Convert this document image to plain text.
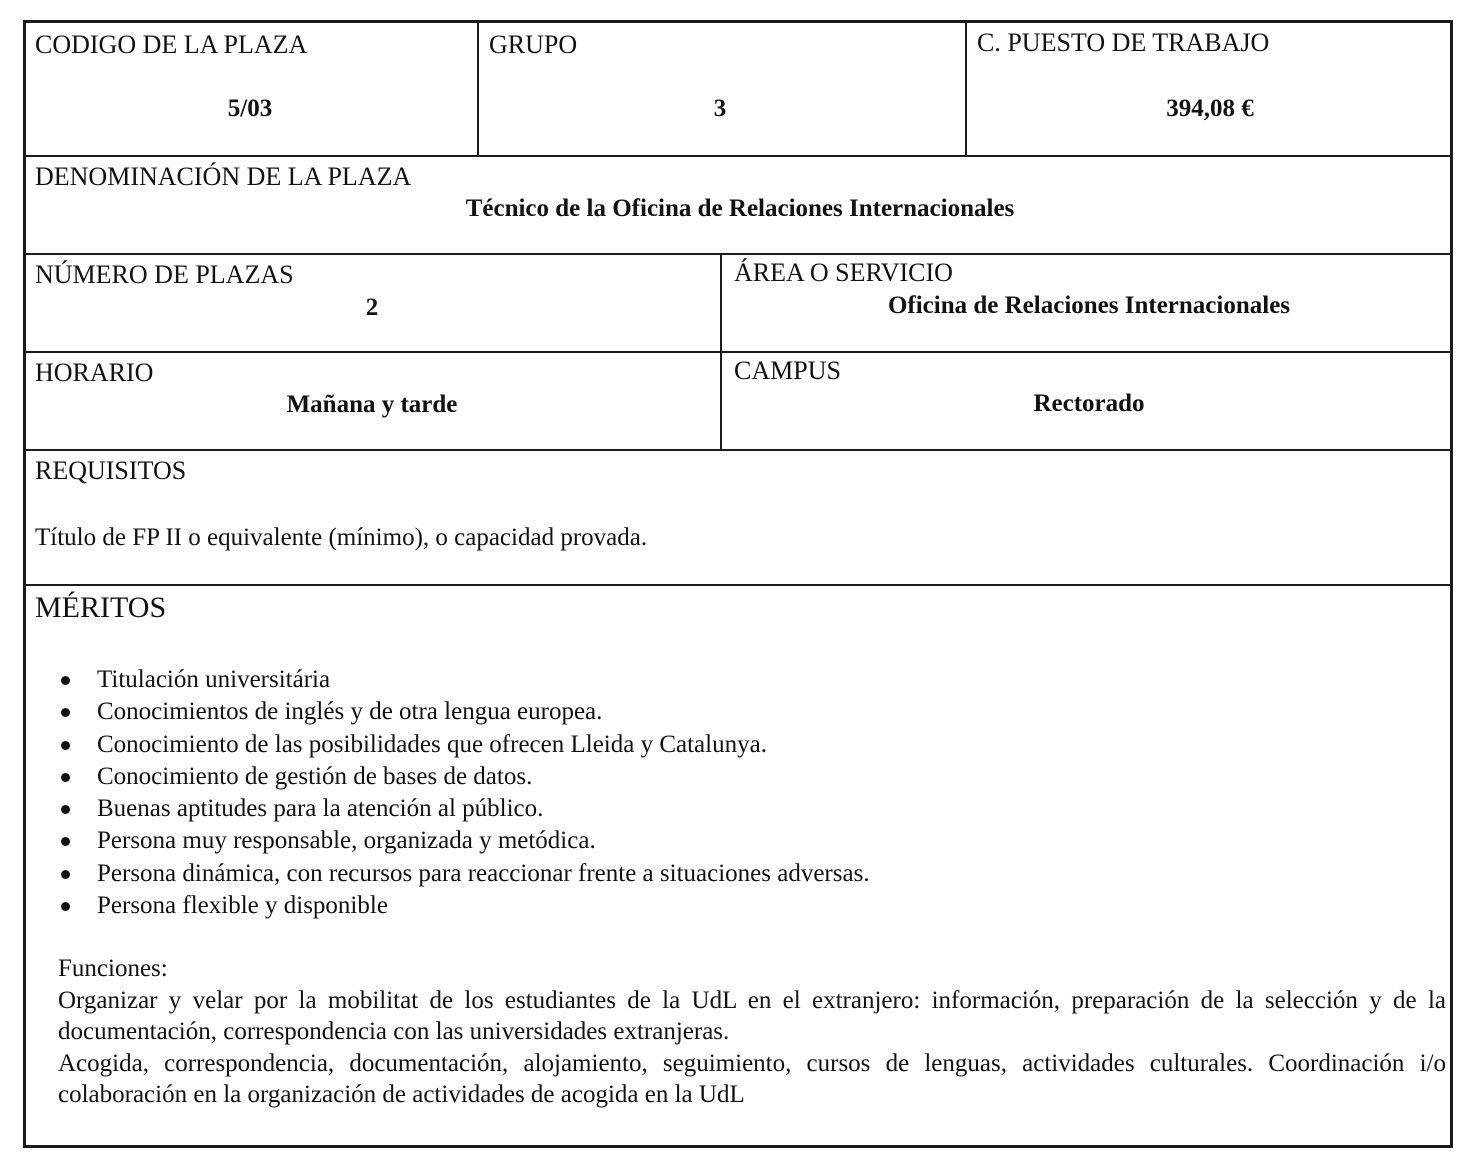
CODIGO DE LA PLAZA
5/03
GRUPO
3
C. PUESTO DE TRABAJO
394,08 €
DENOMINACIÓN DE LA PLAZA
Técnico de la Oficina de Relaciones Internacionales
NÚMERO DE PLAZAS
2
ÁREA O SERVICIO
Oficina de Relaciones Internacionales
HORARIO
Mañana y tarde
CAMPUS
Rectorado
REQUISITOS
Título de FP II o equivalente (mínimo), o capacidad provada.
MÉRITOS
Titulación universitária
Conocimientos de inglés y de otra lengua europea.
Conocimiento de las posibilidades que ofrecen Lleida y Catalunya.
Conocimiento de gestión de bases de datos.
Buenas aptitudes para la atención al público.
Persona muy responsable, organizada y metódica.
Persona dinámica, con recursos para reaccionar frente a situaciones adversas.
Persona flexible y disponible

Funciones:

Organizar y velar por la mobilitat de los estudiantes de la UdL en el extranjero: información, preparación de la selección y de la documentación, correspondencia con las universidades extranjeras.

Acogida, correspondencia, documentación, alojamiento, seguimiento, cursos de lenguas, actividades culturales. Coordinación i/o colaboración en la organización de actividades de acogida en la UdL
